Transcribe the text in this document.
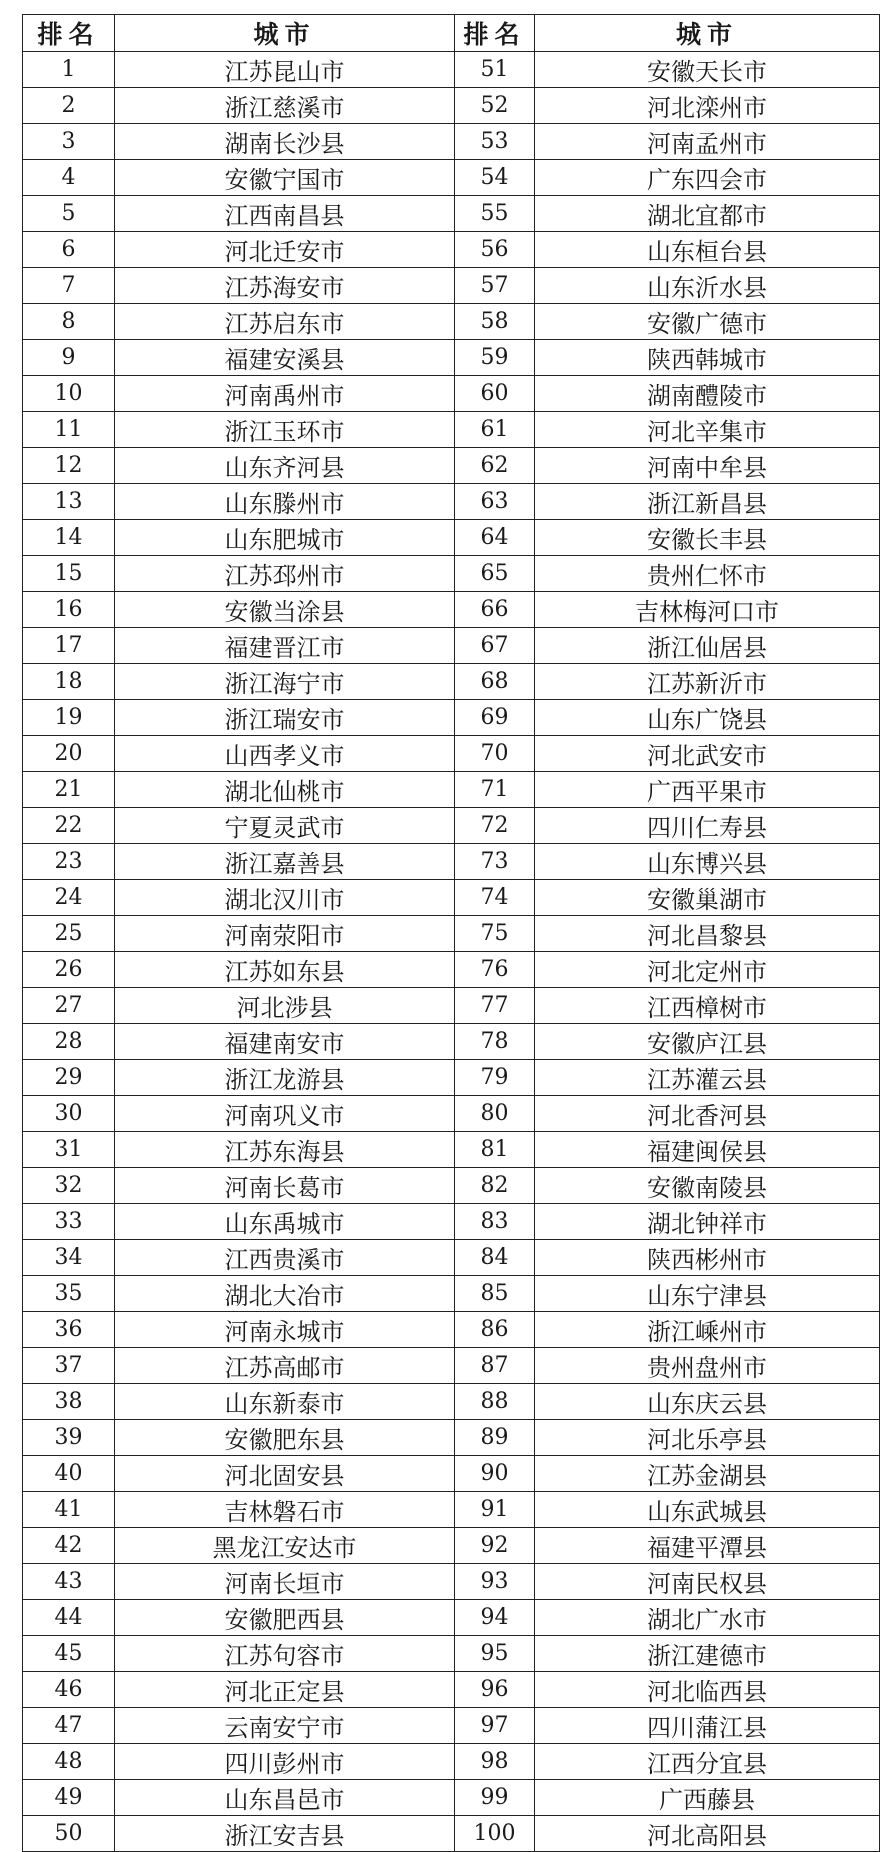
排名	城市	排名	城市
1	江苏昆山市	51	安徽天长市
2	浙江慈溪市	52	河北滦州市
3	湖南长沙县	53	河南孟州市
4	安徽宁国市	54	广东四会市
5	江西南昌县	55	湖北宜都市
6	河北迁安市	56	山东桓台县
7	江苏海安市	57	山东沂水县
8	江苏启东市	58	安徽广德市
9	福建安溪县	59	陕西韩城市
10	河南禹州市	60	湖南醴陵市
11	浙江玉环市	61	河北辛集市
12	山东齐河县	62	河南中牟县
13	山东滕州市	63	浙江新昌县
14	山东肥城市	64	安徽长丰县
15	江苏邳州市	65	贵州仁怀市
16	安徽当涂县	66	吉林梅河口市
17	福建晋江市	67	浙江仙居县
18	浙江海宁市	68	江苏新沂市
19	浙江瑞安市	69	山东广饶县
20	山西孝义市	70	河北武安市
21	湖北仙桃市	71	广西平果市
22	宁夏灵武市	72	四川仁寿县
23	浙江嘉善县	73	山东博兴县
24	湖北汉川市	74	安徽巢湖市
25	河南荥阳市	75	河北昌黎县
26	江苏如东县	76	河北定州市
27	河北涉县	77	江西樟树市
28	福建南安市	78	安徽庐江县
29	浙江龙游县	79	江苏灌云县
30	河南巩义市	80	河北香河县
31	江苏东海县	81	福建闽侯县
32	河南长葛市	82	安徽南陵县
33	山东禹城市	83	湖北钟祥市
34	江西贵溪市	84	陕西彬州市
35	湖北大冶市	85	山东宁津县
36	河南永城市	86	浙江嵊州市
37	江苏高邮市	87	贵州盘州市
38	山东新泰市	88	山东庆云县
39	安徽肥东县	89	河北乐亭县
40	河北固安县	90	江苏金湖县
41	吉林磐石市	91	山东武城县
42	黑龙江安达市	92	福建平潭县
43	河南长垣市	93	河南民权县
44	安徽肥西县	94	湖北广水市
45	江苏句容市	95	浙江建德市
46	河北正定县	96	河北临西县
47	云南安宁市	97	四川蒲江县
48	四川彭州市	98	江西分宜县
49	山东昌邑市	99	广西藤县
50	浙江安吉县	100	河北高阳县
